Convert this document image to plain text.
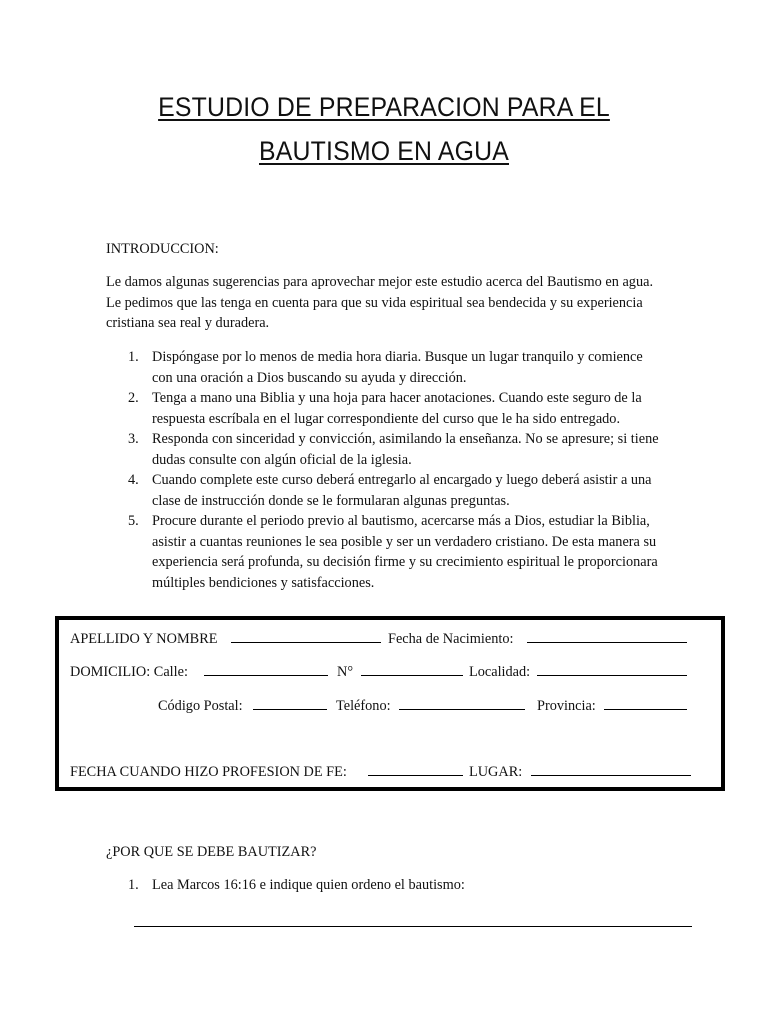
ESTUDIO DE PREPARACION PARA EL
BAUTISMO EN AGUA
INTRODUCCION:
Le damos algunas sugerencias para aprovechar mejor este estudio acerca del Bautismo en agua. Le pedimos que las tenga en cuenta para que su vida espiritual sea bendecida y su experiencia cristiana sea real y duradera.
1. Dispóngase por lo menos de media hora diaria. Busque un lugar tranquilo y comience con una oración a Dios buscando su ayuda y dirección.
2. Tenga a mano una Biblia y una hoja para hacer anotaciones. Cuando este seguro de la respuesta escríbala en el lugar correspondiente del curso que le ha sido entregado.
3. Responda con sinceridad y convicción, asimilando la enseñanza. No se apresure; si tiene dudas consulte con algún oficial de la iglesia.
4. Cuando complete este curso deberá entregarlo al encargado y luego deberá asistir a una clase de instrucción donde se le formularan algunas preguntas.
5. Procure durante el periodo previo al bautismo, acercarse más a Dios, estudiar la Biblia, asistir a cuantas reuniones le sea posible y ser un verdadero cristiano. De esta manera su experiencia será profunda, su decisión firme y su crecimiento espiritual le proporcionara múltiples bendiciones y satisfacciones.
APELLIDO Y NOMBRE	Fecha de Nacimiento:
DOMICILIO: Calle:	N°	Localidad:
Código Postal:	Teléfono:	Provincia:
FECHA CUANDO HIZO PROFESION DE FE:	LUGAR:
¿POR QUE SE DEBE BAUTIZAR?
1. Lea Marcos 16:16 e indique quien ordeno el bautismo:
